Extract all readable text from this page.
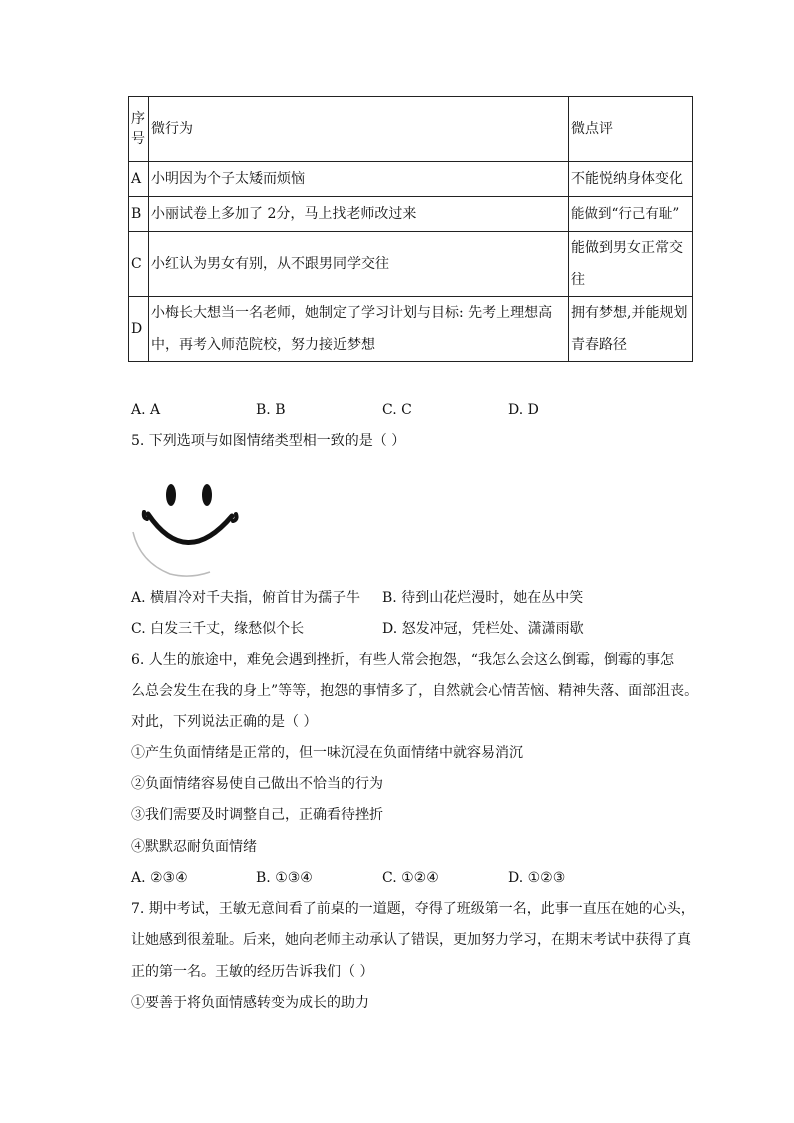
序号	微行为	微点评
A	小明因为个子太矮而烦恼	不能悦纳身体变化
B	小丽试卷上多加了 2分，马上找老师改过来	能做到“行己有耻”
C	小红认为男女有别，从不跟男同学交往	能做到男女正常交往
D	小梅长大想当一名老师，她制定了学习计划与目标: 先考上理想高中，再考入师范院校，努力接近梦想	拥有梦想,并能规划青春路径
A. A	B. B	C. C	D. D
5. 下列选项与如图情绪类型相一致的是（ ）
A. 横眉冷对千夫指，俯首甘为孺子牛 B. 待到山花烂漫时，她在丛中笑
C. 白发三千丈，缘愁似个长	D. 怒发冲冠，凭栏处、潇潇雨歇
6. 人生的旅途中，难免会遇到挫折，有些人常会抱怨，“我怎么会这么倒霉，倒霉的事怎
么总会发生在我的身上”等等，抱怨的事情多了，自然就会心情苦恼、精神失落、面部沮丧。
对此，下列说法正确的是（ ）
①产生负面情绪是正常的，但一味沉浸在负面情绪中就容易消沉
②负面情绪容易使自己做出不恰当的行为
③我们需要及时调整自己，正确看待挫折
④默默忍耐负面情绪
A. ②③④	B. ①③④	C. ①②④	D. ①②③
7. 期中考试，王敏无意间看了前桌的一道题，夺得了班级第一名，此事一直压在她的心头，
让她感到很羞耻。后来，她向老师主动承认了错误，更加努力学习，在期末考试中获得了真
正的第一名。王敏的经历告诉我们（ ）
①要善于将负面情感转变为成长的助力
